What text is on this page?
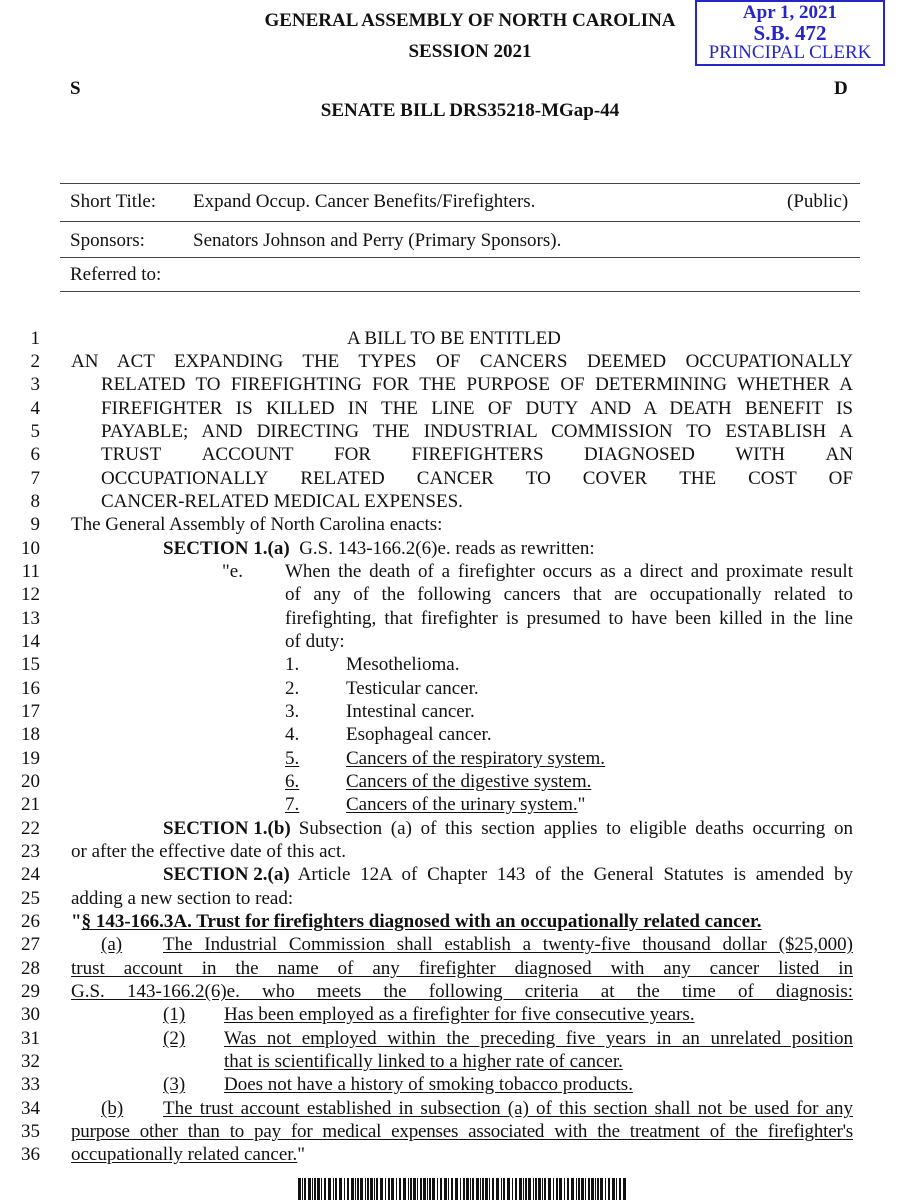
GENERAL ASSEMBLY OF NORTH CAROLINA
SESSION 2021
S	D
SENATE BILL DRS35218-MGap-44
Apr 1, 2021
S.B. 472
PRINCIPAL CLERK
Short Title: Expand Occup. Cancer Benefits/Firefighters.	(Public)
Sponsors:	Senators Johnson and Perry (Primary Sponsors).
Referred to:
1	A BILL TO BE ENTITLED
2 AN ACT EXPANDING THE TYPES OF CANCERS DEEMED OCCUPATIONALLY
3	RELATED TO FIREFIGHTING FOR THE PURPOSE OF DETERMINING WHETHER A
4	FIREFIGHTER IS KILLED IN THE LINE OF DUTY AND A DEATH BENEFIT IS
5	PAYABLE; AND DIRECTING THE INDUSTRIAL COMMISSION TO ESTABLISH A
6	TRUST ACCOUNT FOR FIREFIGHTERS DIAGNOSED WITH AN
7	OCCUPATIONALLY RELATED CANCER TO COVER THE COST OF
8	CANCER-RELATED MEDICAL EXPENSES.
9 The General Assembly of North Carolina enacts:
10	SECTION 1.(a) G.S. 143-166.2(6)e. reads as rewritten:
11	"e. When the death of a firefighter occurs as a direct and proximate result
12	of any of the following cancers that are occupationally related to
13	firefighting, that firefighter is presumed to have been killed in the line
14	of duty:
15	1. Mesothelioma.
16	2. Testicular cancer.
17	3. Intestinal cancer.
18	4. Esophageal cancer.
19	5. Cancers of the respiratory system.
20	6. Cancers of the digestive system.
21	7. Cancers of the urinary system."
22	SECTION 1.(b) Subsection (a) of this section applies to eligible deaths occurring on
23 or after the effective date of this act.
24	SECTION 2.(a) Article 12A of Chapter 143 of the General Statutes is amended by
25 adding a new section to read:
26 "§ 143-166.3A. Trust for firefighters diagnosed with an occupationally related cancer.
27	(a) The Industrial Commission shall establish a twenty-five thousand dollar ($25,000)
28 trust account in the name of any firefighter diagnosed with any cancer listed in
29 G.S. 143-166.2(6)e. who meets the following criteria at the time of diagnosis:
30	(1) Has been employed as a firefighter for five consecutive years.
31	(2) Was not employed within the preceding five years in an unrelated position
32	that is scientifically linked to a higher rate of cancer.
33	(3) Does not have a history of smoking tobacco products.
34	(b) The trust account established in subsection (a) of this section shall not be used for any
35 purpose other than to pay for medical expenses associated with the treatment of the firefighter's
36 occupationally related cancer."
